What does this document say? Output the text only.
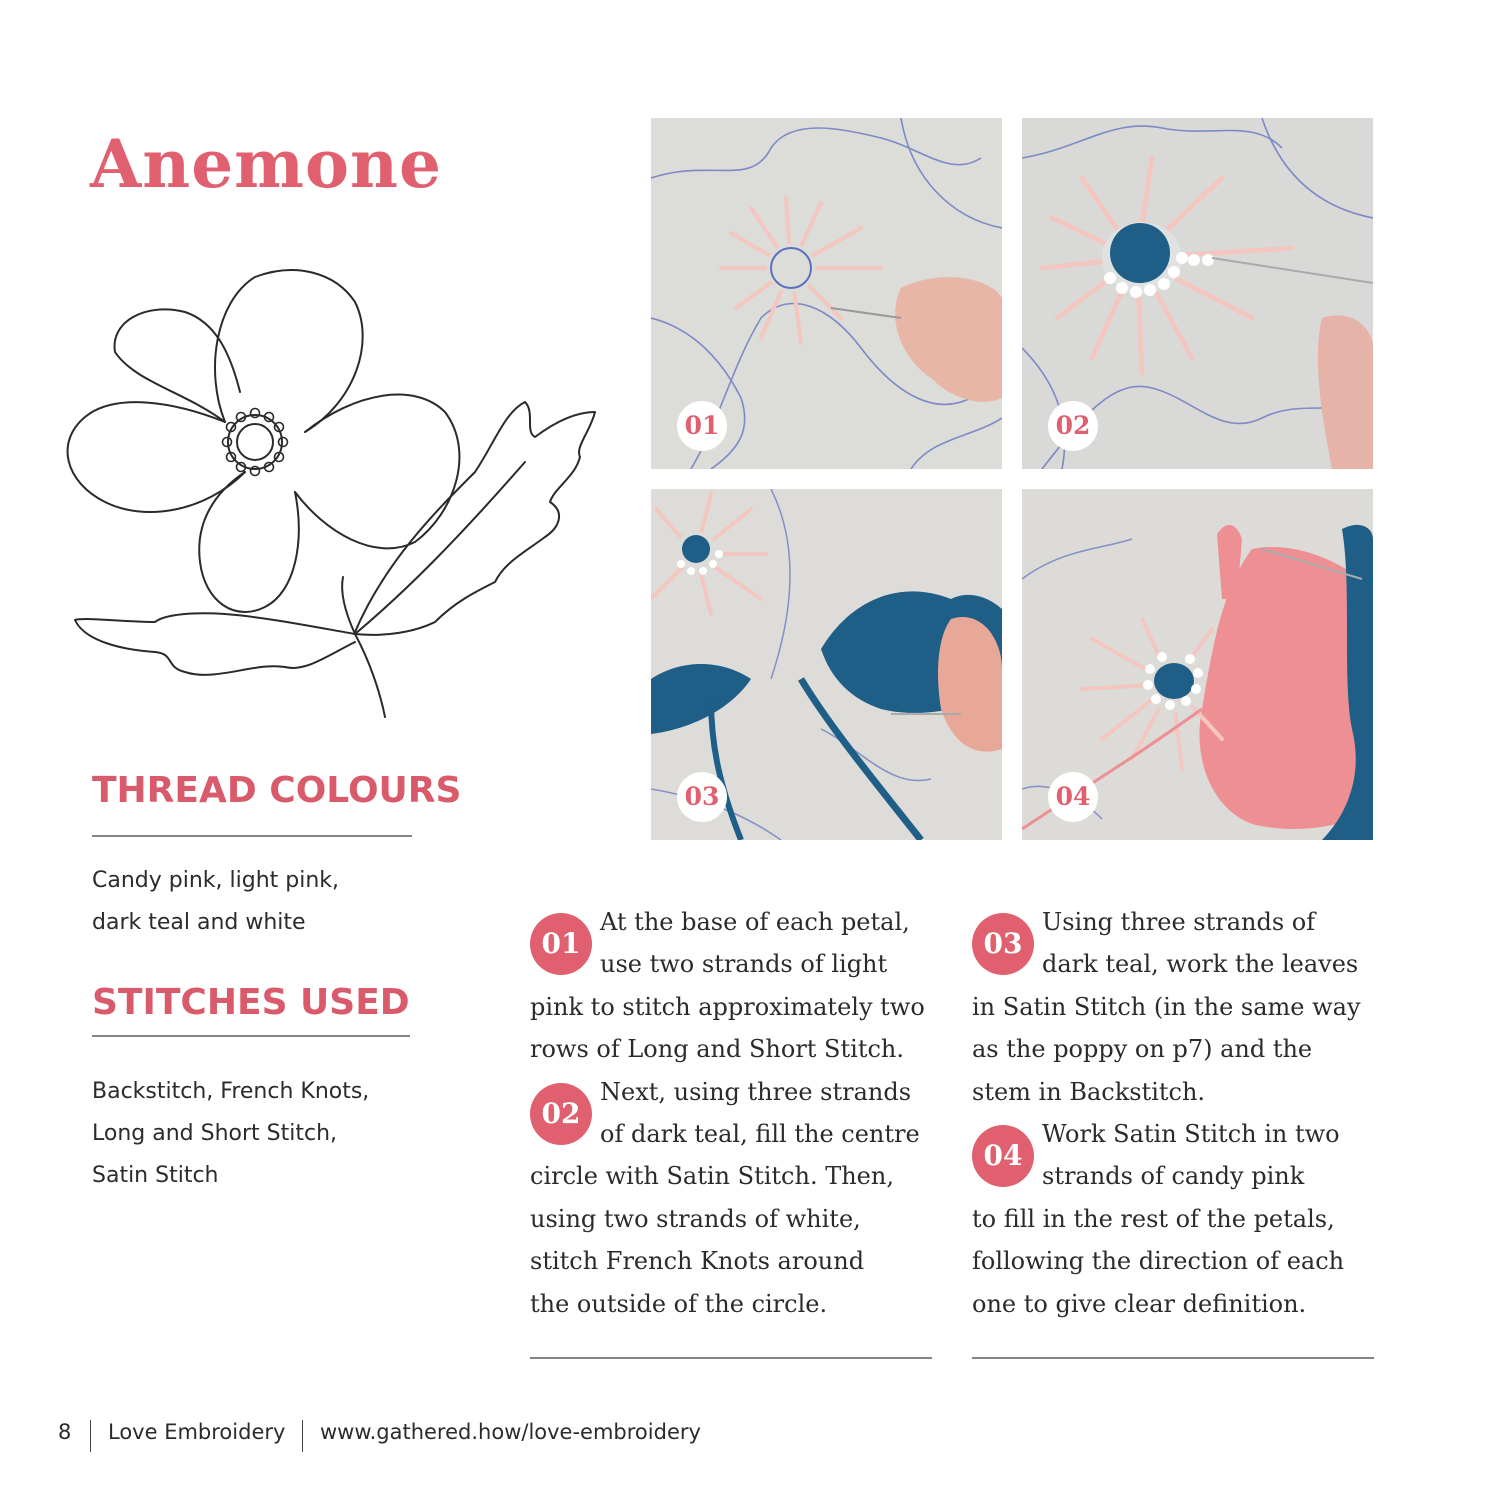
Anemone
THREAD COLOURS
Candy pink, light pink,
dark teal and white
STITCHES USED
Backstitch, French Knots,
Long and Short Stitch,
Satin Stitch
01	02
03	04
01
At the base of each petal,
use two strands of light
pink to stitch approximately two
rows of Long and Short Stitch.
02
Next, using three strands
of dark teal, fill the centre
circle with Satin Stitch. Then,
using two strands of white,
stitch French Knots around
the outside of the circle.
03
Using three strands of
dark teal, work the leaves
in Satin Stitch (in the same way
as the poppy on p7) and the
stem in Backstitch.
04
Work Satin Stitch in two
strands of candy pink
to fill in the rest of the petals,
following the direction of each
one to give clear definition.
8 Love Embroidery www.gathered.how/love-embroidery
